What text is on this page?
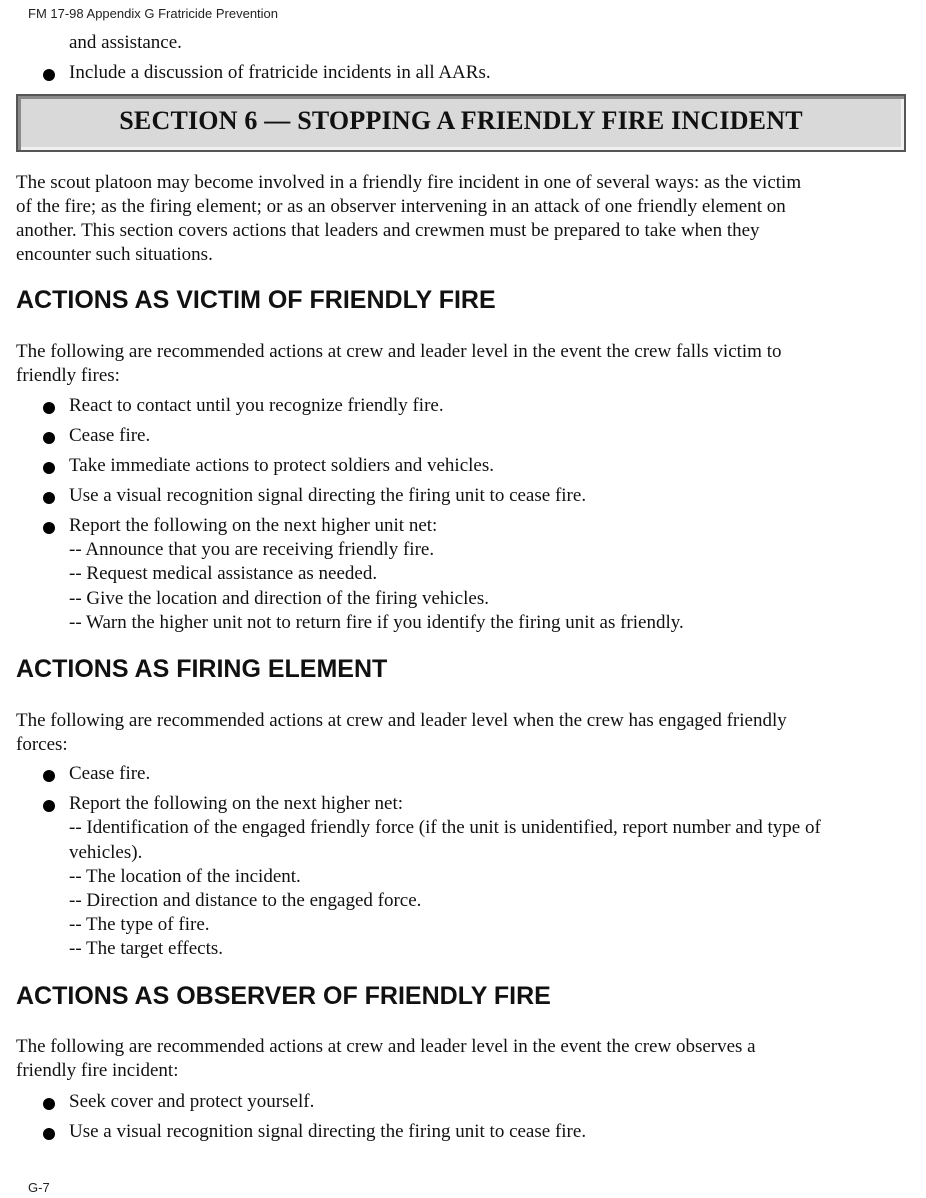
FM 17-98 Appendix G Fratricide Prevention
and assistance.
Include a discussion of fratricide incidents in all AARs.
SECTION 6 — STOPPING A FRIENDLY FIRE INCIDENT
The scout platoon may become involved in a friendly fire incident in one of several ways: as the victim
of the fire; as the firing element; or as an observer intervening in an attack of one friendly element on
another. This section covers actions that leaders and crewmen must be prepared to take when they
encounter such situations.
ACTIONS AS VICTIM OF FRIENDLY FIRE
The following are recommended actions at crew and leader level in the event the crew falls victim to
friendly fires:
React to contact until you recognize friendly fire.
Cease fire.
Take immediate actions to protect soldiers and vehicles.
Use a visual recognition signal directing the firing unit to cease fire.
Report the following on the next higher unit net:
-- Announce that you are receiving friendly fire.
-- Request medical assistance as needed.
-- Give the location and direction of the firing vehicles.
-- Warn the higher unit not to return fire if you identify the firing unit as friendly.
ACTIONS AS FIRING ELEMENT
The following are recommended actions at crew and leader level when the crew has engaged friendly
forces:
Cease fire.
Report the following on the next higher net:
-- Identification of the engaged friendly force (if the unit is unidentified, report number and type of
vehicles).
-- The location of the incident.
-- Direction and distance to the engaged force.
-- The type of fire.
-- The target effects.
ACTIONS AS OBSERVER OF FRIENDLY FIRE
The following are recommended actions at crew and leader level in the event the crew observes a
friendly fire incident:
Seek cover and protect yourself.
Use a visual recognition signal directing the firing unit to cease fire.
G-7
